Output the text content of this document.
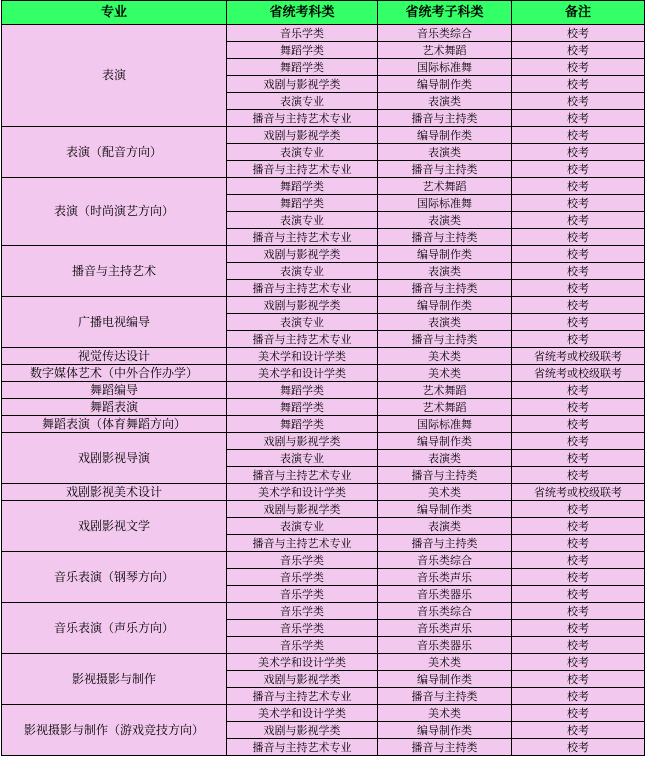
专业	省统考科类	省统考子科类	备注
表演	音乐学类	音乐类综合	校考
	舞蹈学类	艺术舞蹈	校考
	舞蹈学类	国际标准舞	校考
	戏剧与影视学类	编导制作类	校考
	表演专业	表演类	校考
	播音与主持艺术专业	播音与主持类	校考
表演（配音方向）	戏剧与影视学类	编导制作类	校考
	表演专业	表演类	校考
	播音与主持艺术专业	播音与主持类	校考
表演（时尚演艺方向）	舞蹈学类	艺术舞蹈	校考
	舞蹈学类	国际标准舞	校考
	表演专业	表演类	校考
	播音与主持艺术专业	播音与主持类	校考
播音与主持艺术	戏剧与影视学类	编导制作类	校考
	表演专业	表演类	校考
	播音与主持艺术专业	播音与主持类	校考
广播电视编导	戏剧与影视学类	编导制作类	校考
	表演专业	表演类	校考
	播音与主持艺术专业	播音与主持类	校考
视觉传达设计	美术学和设计学类	美术类	省统考或校级联考
数字媒体艺术（中外合作办学）	美术学和设计学类	美术类	省统考或校级联考
舞蹈编导	舞蹈学类	艺术舞蹈	校考
舞蹈表演	舞蹈学类	艺术舞蹈	校考
舞蹈表演（体育舞蹈方向）	舞蹈学类	国际标准舞	校考
戏剧影视导演	戏剧与影视学类	编导制作类	校考
	表演专业	表演类	校考
	播音与主持艺术专业	播音与主持类	校考
戏剧影视美术设计	美术学和设计学类	美术类	省统考或校级联考
戏剧影视文学	戏剧与影视学类	编导制作类	校考
	表演专业	表演类	校考
	播音与主持艺术专业	播音与主持类	校考
音乐表演（钢琴方向）	音乐学类	音乐类综合	校考
	音乐学类	音乐类声乐	校考
	音乐学类	音乐类器乐	校考
音乐表演（声乐方向）	音乐学类	音乐类综合	校考
	音乐学类	音乐类声乐	校考
	音乐学类	音乐类器乐	校考
影视摄影与制作	美术学和设计学类	美术类	校考
	戏剧与影视学类	编导制作类	校考
	播音与主持艺术专业	播音与主持类	校考
影视摄影与制作（游戏竞技方向）	美术学和设计学类	美术类	校考
	戏剧与影视学类	编导制作类	校考
	播音与主持艺术专业	播音与主持类	校考
